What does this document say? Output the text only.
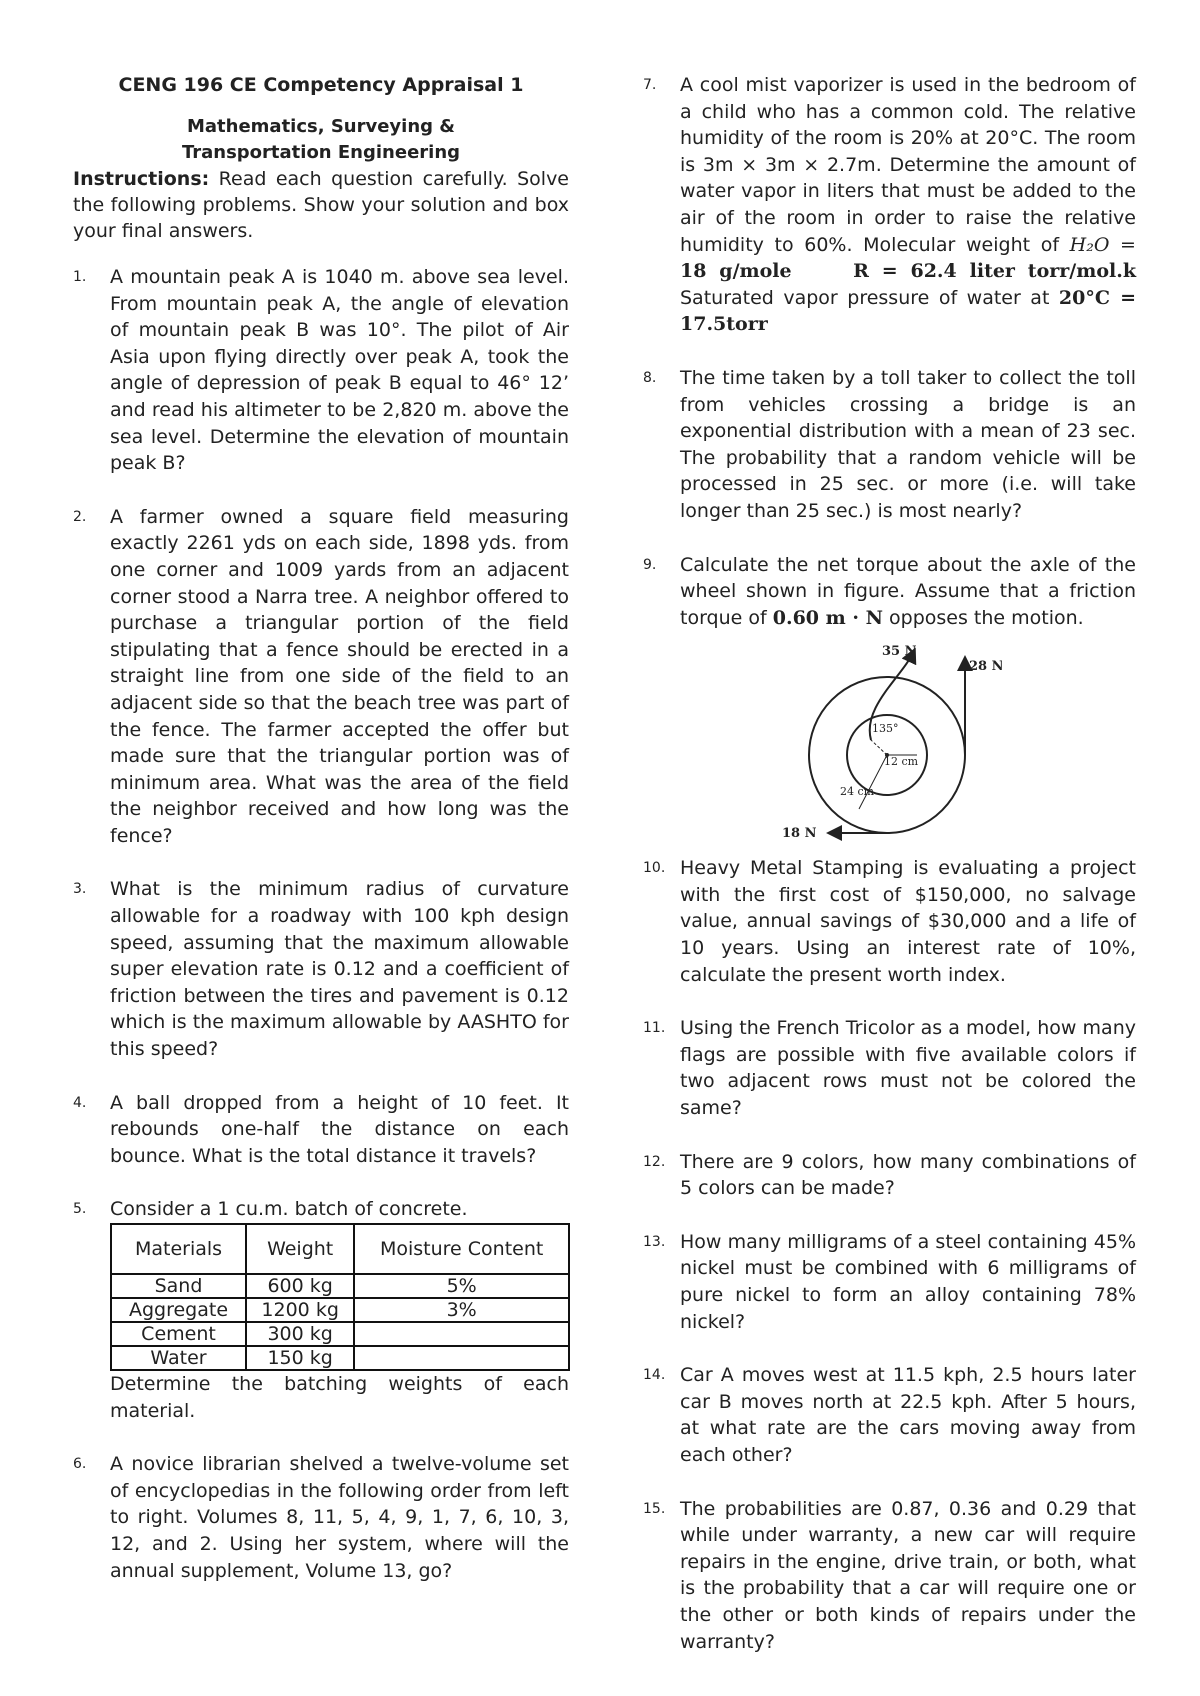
CENG 196 CE Competency Appraisal 1
Mathematics, Surveying & Transportation Engineering
Instructions: Read each question carefully. Solve the following problems. Show your solution and box your final answers.
1. A mountain peak A is 1040 m. above sea level. From mountain peak A, the angle of elevation of mountain peak B was 10°. The pilot of Air Asia upon flying directly over peak A, took the angle of depression of peak B equal to 46° 12’ and read his altimeter to be 2,820 m. above the sea level. Determine the elevation of mountain peak B?
2. A farmer owned a square field measuring exactly 2261 yds on each side, 1898 yds. from one corner and 1009 yards from an adjacent corner stood a Narra tree. A neighbor offered to purchase a triangular portion of the field stipulating that a fence should be erected in a straight line from one side of the field to an adjacent side so that the beach tree was part of the fence. The farmer accepted the offer but made sure that the triangular portion was of minimum area. What was the area of the field the neighbor received and how long was the fence?
3. What is the minimum radius of curvature allowable for a roadway with 100 kph design speed, assuming that the maximum allowable super elevation rate is 0.12 and a coefficient of friction between the tires and pavement is 0.12 which is the maximum allowable by AASHTO for this speed?
4. A ball dropped from a height of 10 feet. It rebounds one-half the distance on each bounce. What is the total distance it travels?
5. Consider a 1 cu.m. batch of concrete.
Materials	Weight	Moisture Content
Sand	600 kg	5%
Aggregate	1200 kg	3%
Cement	300 kg	
Water	150 kg	
Determine the batching weights of each material.
6. A novice librarian shelved a twelve-volume set of encyclopedias in the following order from left to right. Volumes 8, 11, 5, 4, 9, 1, 7, 6, 10, 3, 12, and 2. Using her system, where will the annual supplement, Volume 13, go?
7. A cool mist vaporizer is used in the bedroom of a child who has a common cold. The relative humidity of the room is 20% at 20°C. The room is 3m × 3m × 2.7m. Determine the amount of water vapor in liters that must be added to the air of the room in order to raise the relative humidity to 60%. Molecular weight of H₂O = 18 g/mole	R = 62.4 liter torr/mol.k Saturated vapor pressure of water at 20°C = 17.5torr
8. The time taken by a toll taker to collect the toll from vehicles crossing a bridge is an exponential distribution with a mean of 23 sec. The probability that a random vehicle will be processed in 25 sec. or more (i.e. will take longer than 25 sec.) is most nearly?
9. Calculate the net torque about the axle of the wheel shown in figure. Assume that a friction torque of 0.60 m · N opposes the motion.
35 N
28 N
18 N
135°
12 cm
24 cm
10. Heavy Metal Stamping is evaluating a project with the first cost of $150,000, no salvage value, annual savings of $30,000 and a life of 10 years. Using an interest rate of 10%, calculate the present worth index.
11. Using the French Tricolor as a model, how many flags are possible with five available colors if two adjacent rows must not be colored the same?
12. There are 9 colors, how many combinations of 5 colors can be made?
13. How many milligrams of a steel containing 45% nickel must be combined with 6 milligrams of pure nickel to form an alloy containing 78% nickel?
14. Car A moves west at 11.5 kph, 2.5 hours later car B moves north at 22.5 kph. After 5 hours, at what rate are the cars moving away from each other?
15. The probabilities are 0.87, 0.36 and 0.29 that while under warranty, a new car will require repairs in the engine, drive train, or both, what is the probability that a car will require one or the other or both kinds of repairs under the warranty?
